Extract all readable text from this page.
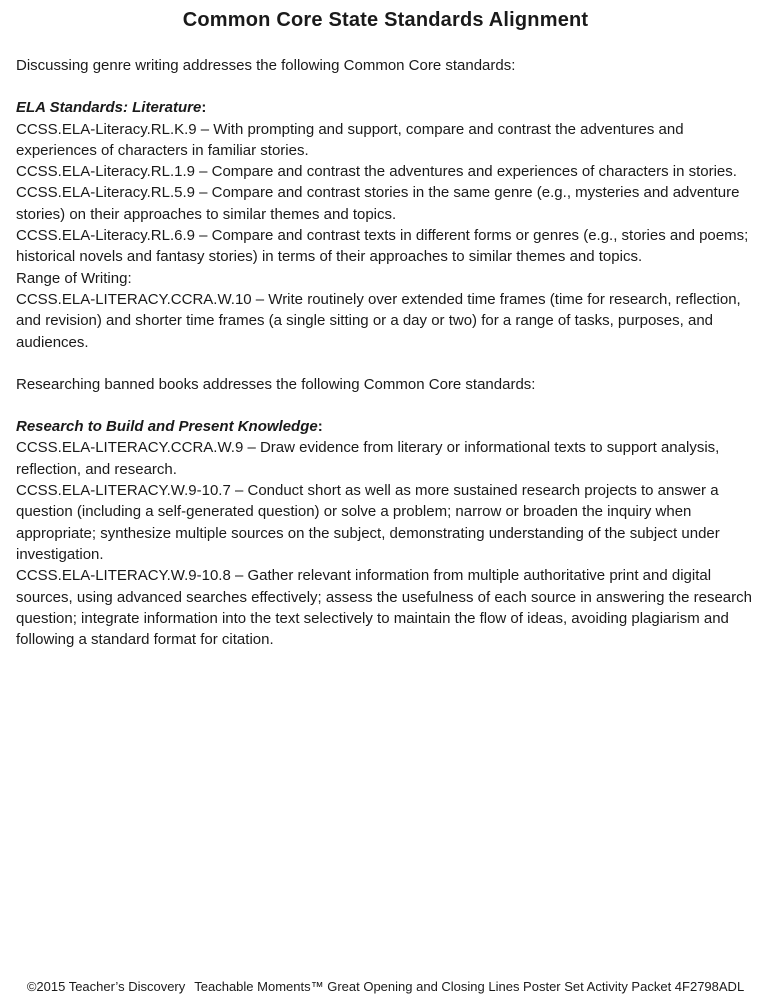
Common Core State Standards Alignment

Discussing genre writing addresses the following Common Core standards:

ELA Standards: Literature:

CCSS.ELA-Literacy.RL.K.9 – With prompting and support, compare and contrast the adventures and experiences of characters in familiar stories.

CCSS.ELA-Literacy.RL.1.9 – Compare and contrast the adventures and experiences of characters in stories.

CCSS.ELA-Literacy.RL.5.9 – Compare and contrast stories in the same genre (e.g., mysteries and adventure stories) on their approaches to similar themes and topics.

CCSS.ELA-Literacy.RL.6.9 – Compare and contrast texts in different forms or genres (e.g., stories and poems; historical novels and fantasy stories) in terms of their approaches to similar themes and topics.

Range of Writing:

CCSS.ELA-LITERACY.CCRA.W.10 – Write routinely over extended time frames (time for research, reflection, and revision) and shorter time frames (a single sitting or a day or two) for a range of tasks, purposes, and audiences.

Researching banned books addresses the following Common Core standards:

Research to Build and Present Knowledge:

CCSS.ELA-LITERACY.CCRA.W.9 – Draw evidence from literary or informational texts to support analysis, reflection, and research.

CCSS.ELA-LITERACY.W.9-10.7 – Conduct short as well as more sustained research projects to answer a question (including a self-generated question) or solve a problem; narrow or broaden the inquiry when appropriate; synthesize multiple sources on the subject, demonstrating understanding of the subject under investigation.

CCSS.ELA-LITERACY.W.9-10.8 – Gather relevant information from multiple authoritative print and digital sources, using advanced searches effectively; assess the usefulness of each source in answering the research question; integrate information into the text selectively to maintain the flow of ideas, avoiding plagiarism and following a standard format for citation.

©2015 Teacher’s Discovery Teachable Moments™ Great Opening and Closing Lines Poster Set Activity Packet 4F2798ADL
